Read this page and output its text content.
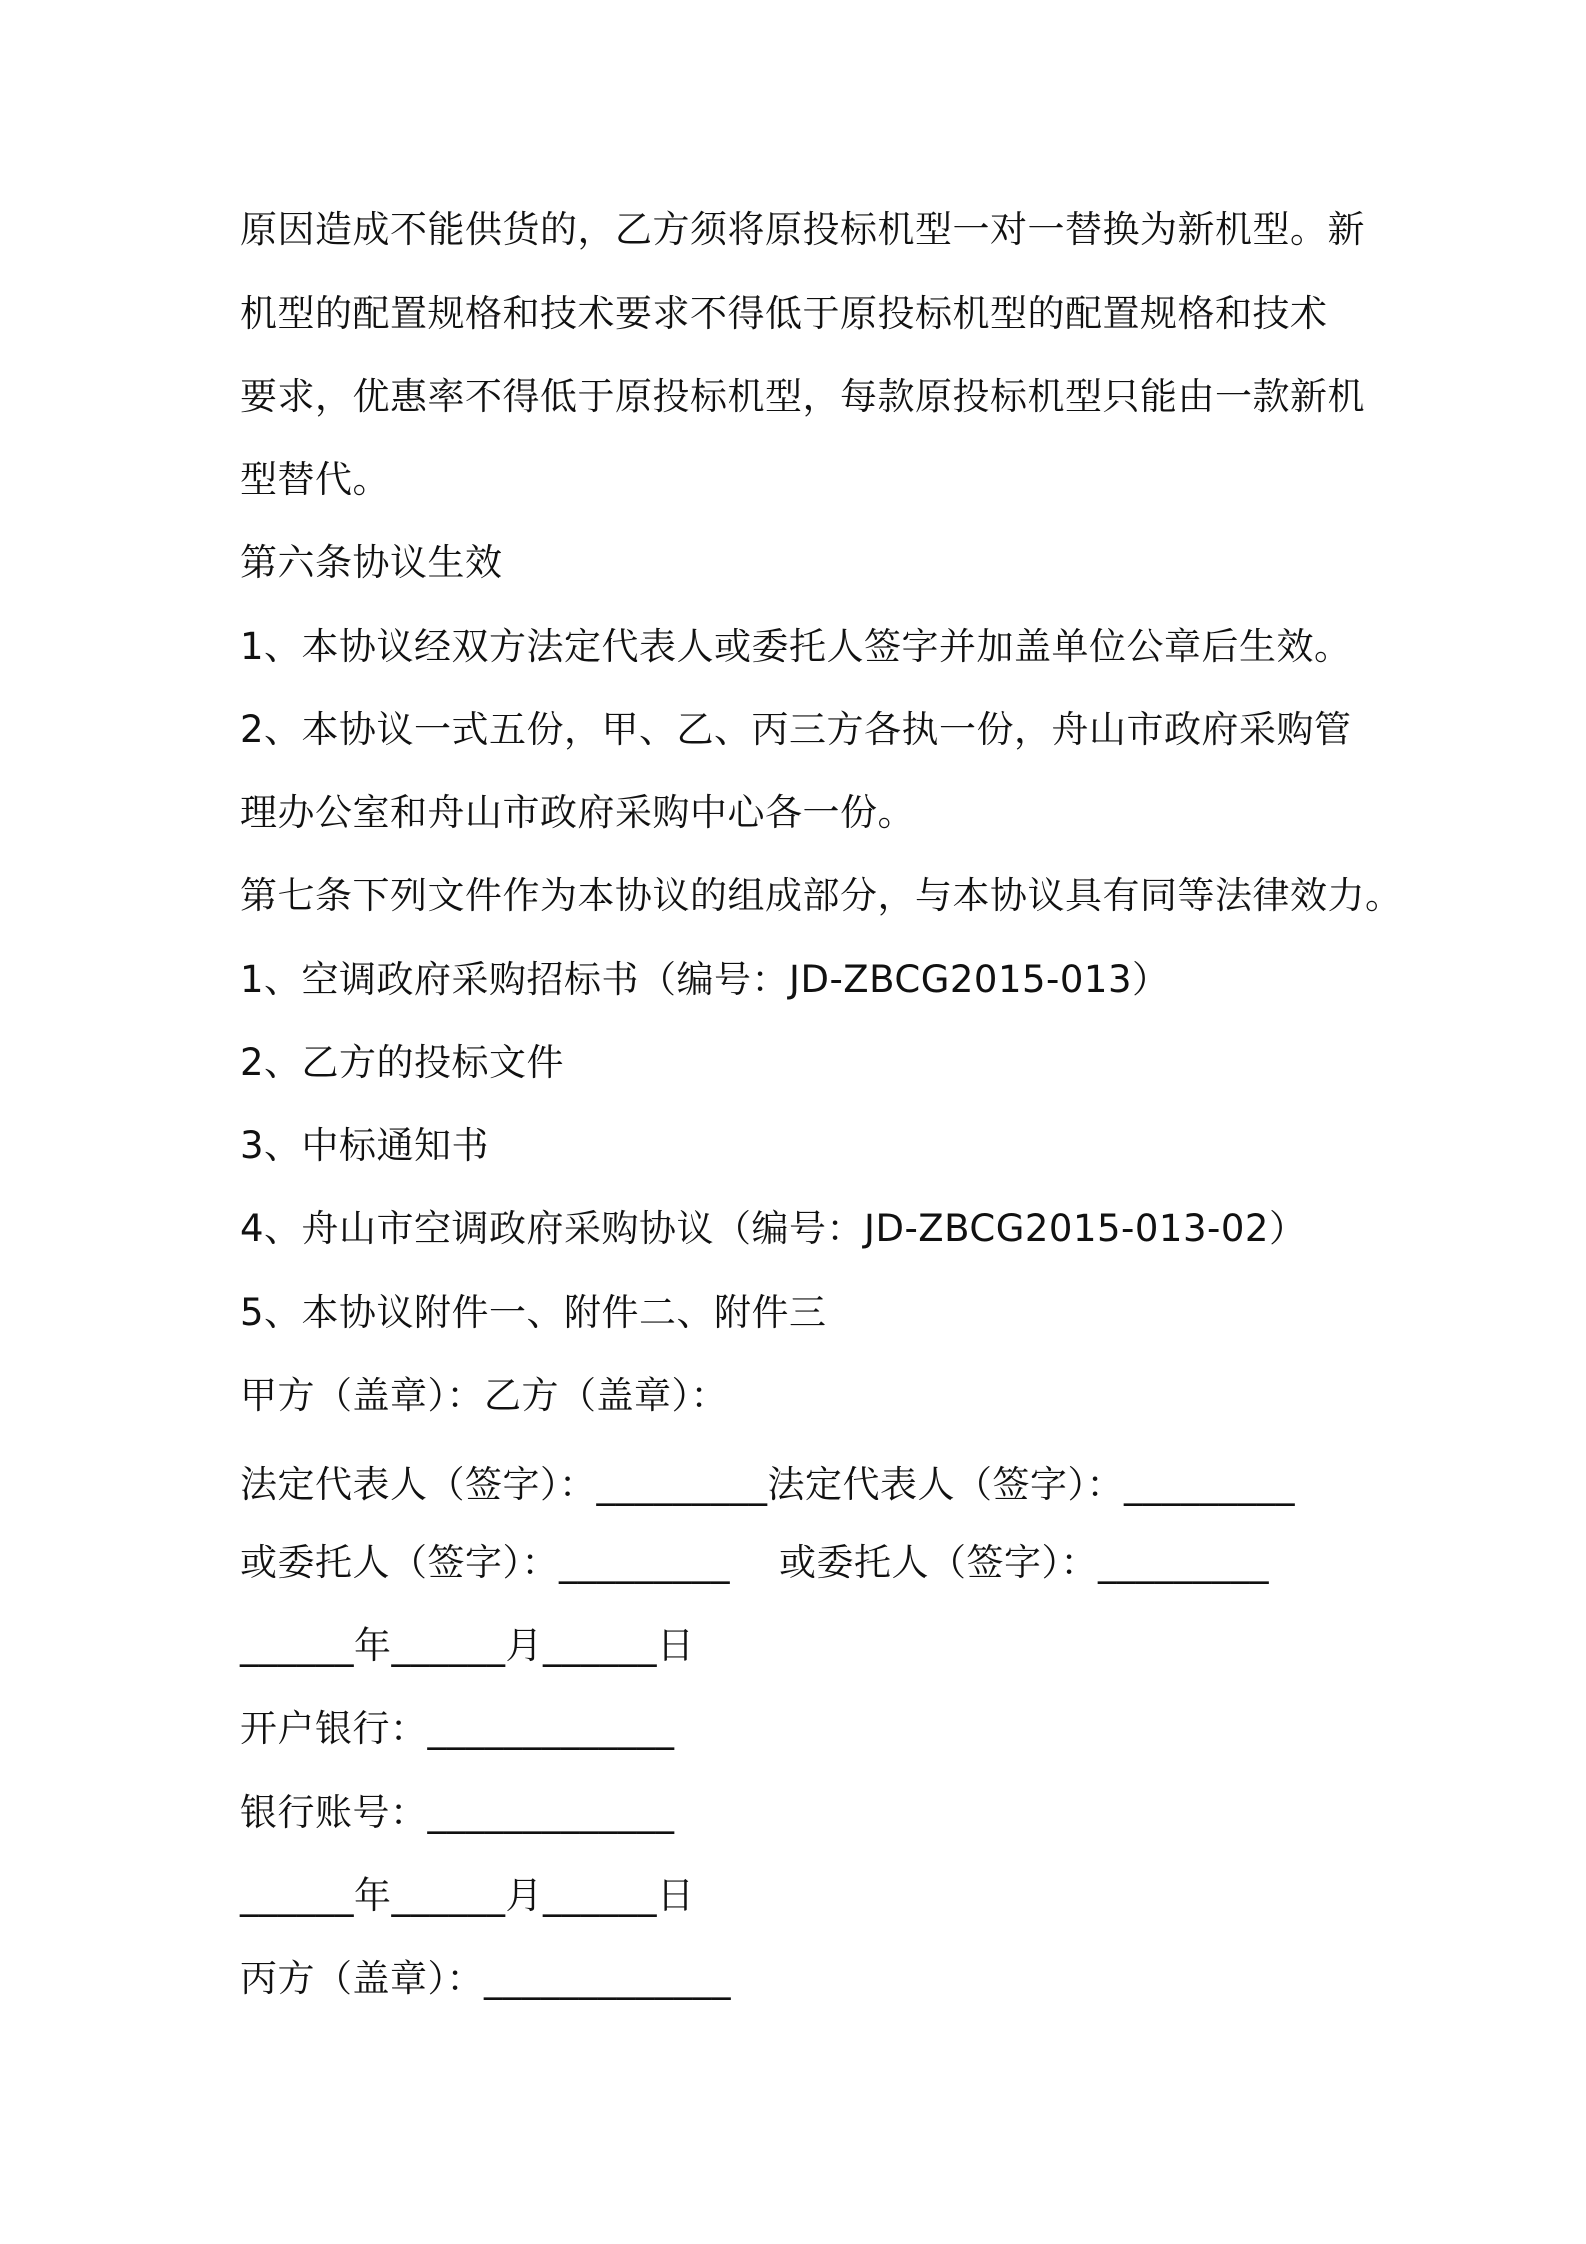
原因造成不能供货的，乙方须将原投标机型一对一替换为新机型。新
机型的配置规格和技术要求不得低于原投标机型的配置规格和技术
要求，优惠率不得低于原投标机型，每款原投标机型只能由一款新机
型替代。
第六条协议生效
1、本协议经双方法定代表人或委托人签字并加盖单位公章后生效。
2、本协议一式五份，甲、乙、丙三方各执一份，舟山市政府采购管
理办公室和舟山市政府采购中心各一份。
第七条下列文件作为本协议的组成部分，与本协议具有同等法律效力。
1、空调政府采购招标书（编号：JD-ZBCG2015-013）
2、乙方的投标文件
3、中标通知书
4、舟山市空调政府采购协议（编号：JD-ZBCG2015-013-02）
5、本协议附件一、附件二、附件三
甲方（盖章）：乙方（盖章）：
法定代表人（签字）：_________法定代表人（签字）：_________
或委托人（签字）：_________    或委托人（签字）：_________
______年______月______日
开户银行：_____________
银行账号：_____________
______年______月______日
丙方（盖章）：_____________
